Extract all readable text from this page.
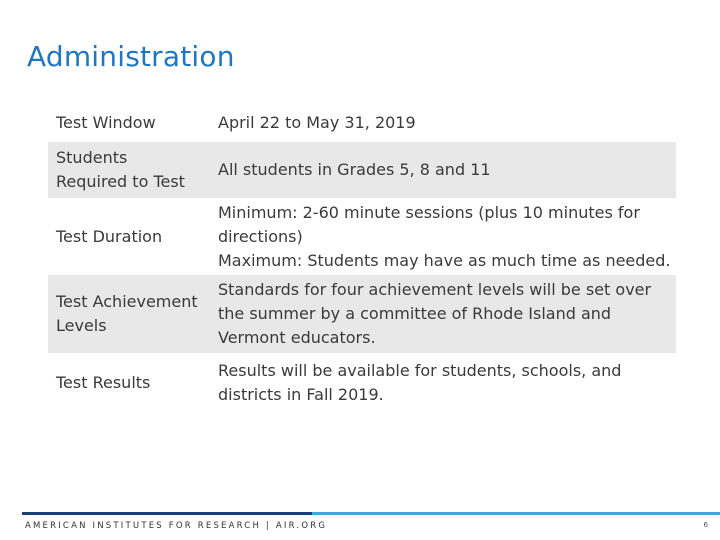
Administration
Test Window	April 22 to May 31, 2019
Students
Required to Test	All students in Grades 5, 8 and 11
Test Duration	Minimum: 2-60 minute sessions (plus 10 minutes for
directions)
Maximum: Students may have as much time as needed.
Test Achievement
Levels	Standards for four achievement levels will be set over
the summer by a committee of Rhode Island and
Vermont educators.
Test Results	Results will be available for students, schools, and
districts in Fall 2019.
AMERICAN INSTITUTES FOR RESEARCH | AIR.ORG	6
